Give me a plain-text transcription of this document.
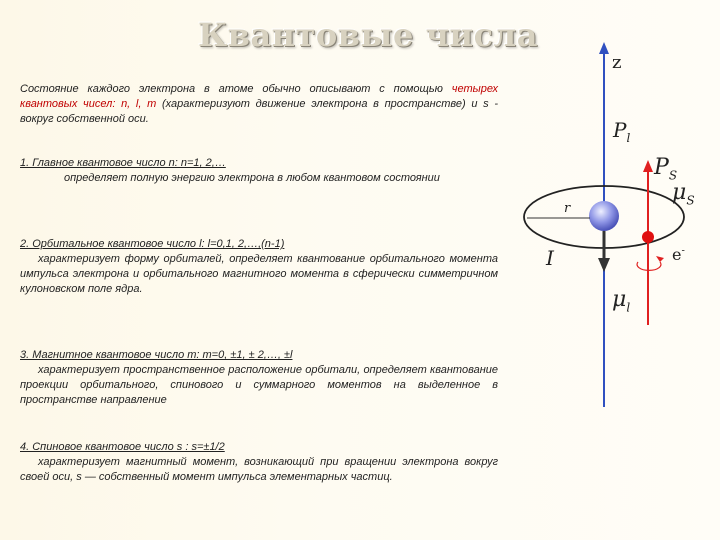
Квантовые числа
Состояние каждого электрона в атоме обычно описывают с помощью четырех квантовых чисел: n, l, m (характеризуют движение электрона в пространстве) и s - вокруг собственной оси.
1. Главное квантовое число n: n=1, 2,…
определяет полную энергию электрона в любом квантовом состоянии
2. Орбитальное квантовое число l: l=0,1, 2,…,(n-1)
характеризует форму орбиталей, определяет квантование орбитального момента импульса электрона и орбитального магнитного момента в сферически симметричном кулоновском поле ядра.
3. Магнитное квантовое число m: m=0, ±1, ± 2,…, ±l
характеризует пространственное расположение орбитали, определяет квантование проекции орбитального, спинового и суммарного моментов на выделенное в пространстве направление
4. Спиновое квантовое число s : s=±1/2
характеризует магнитный момент, возникающий при вращении электрона вокруг своей оси, s — собственный момент импульса элементарных частиц.
z
$P_l$
$P_S$
$\mu_S$
r
I	e-
$\mu_l$
